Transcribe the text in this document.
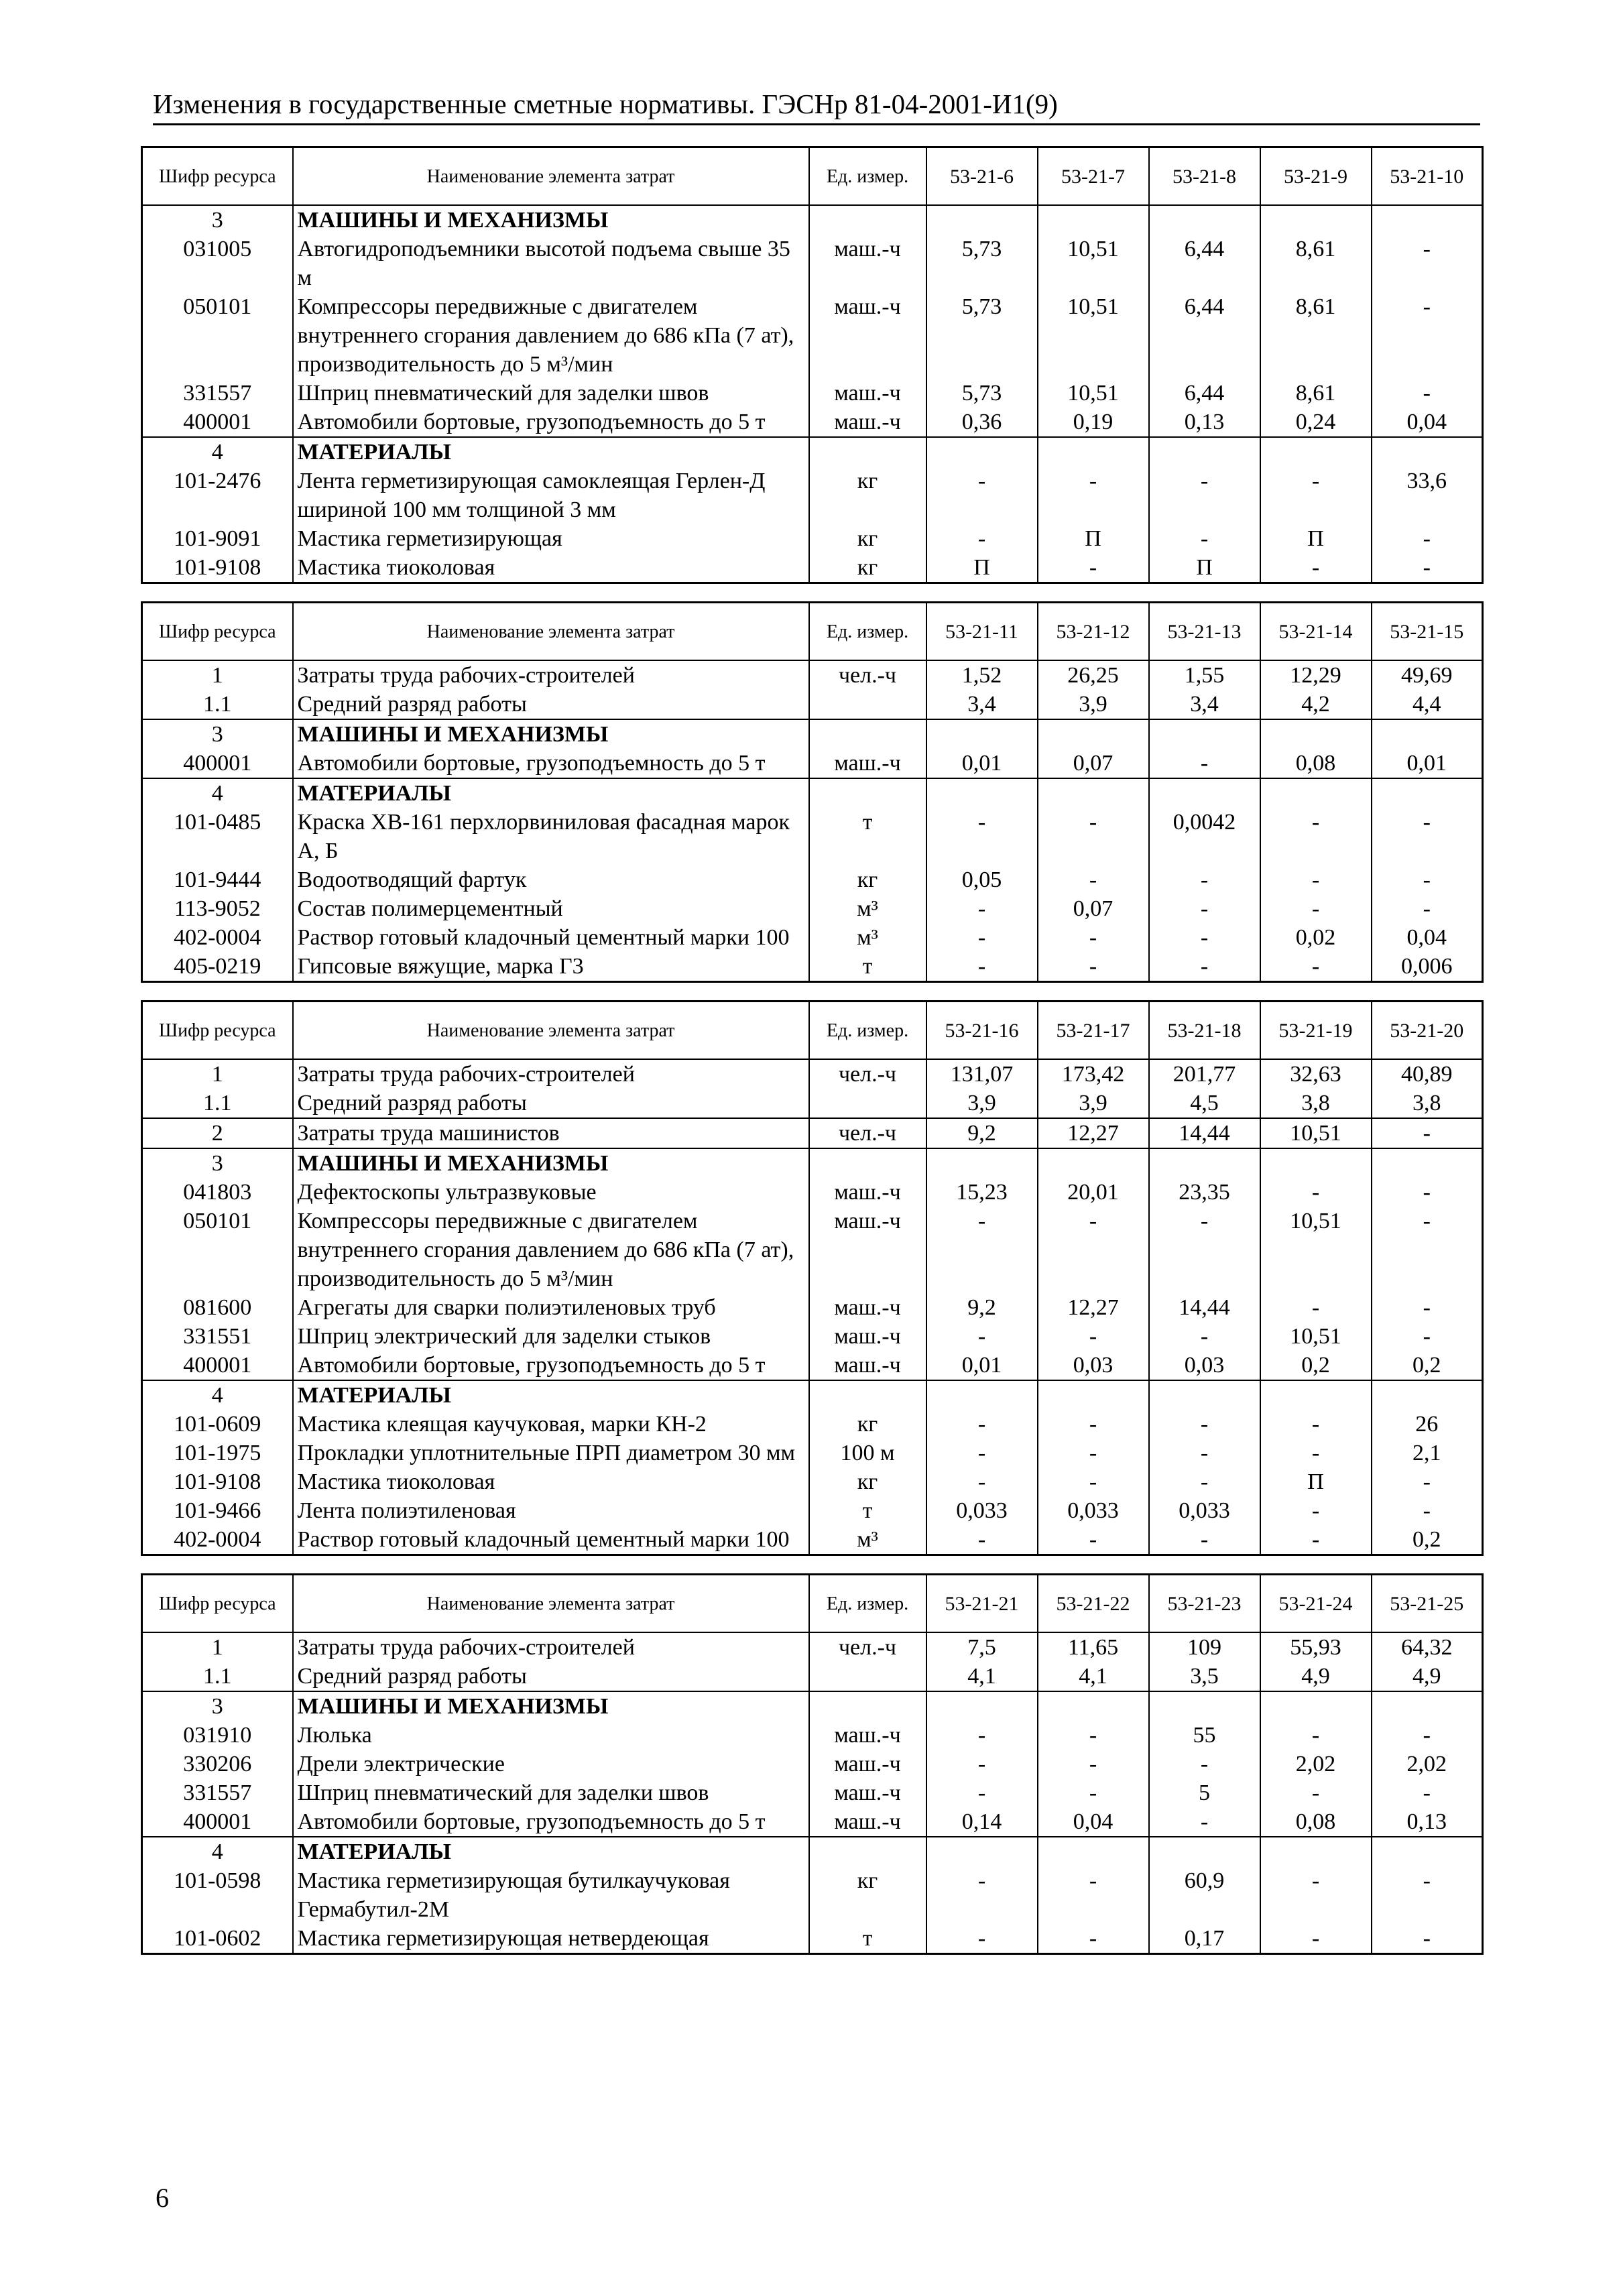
Изменения в государственные сметные нормативы. ГЭСНр 81-04-2001-И1(9)
Шифр ресурса	Наименование элемента затрат	Ед. измер.	53-21-6	53-21-7	53-21-8	53-21-9	53-21-10
3	МАШИНЫ И МЕХАНИЗМЫ						
031005	Автогидроподъемники высотой подъема свыше 35 м	маш.-ч	5,73	10,51	6,44	8,61	-
050101	Компрессоры передвижные с двигателем внутреннего сгорания давлением до 686 кПа (7 ат), производительность до 5 м³/мин	маш.-ч	5,73	10,51	6,44	8,61	-
331557	Шприц пневматический для заделки швов	маш.-ч	5,73	10,51	6,44	8,61	-
400001	Автомобили бортовые, грузоподъемность до 5 т	маш.-ч	0,36	0,19	0,13	0,24	0,04
4	МАТЕРИАЛЫ						
101-2476	Лента герметизирующая самоклеящая Герлен-Д шириной 100 мм толщиной 3 мм	кг	-	-	-	-	33,6
101-9091	Мастика герметизирующая	кг	-	П	-	П	-
101-9108	Мастика тиоколовая	кг	П	-	П	-	-
Шифр ресурса	Наименование элемента затрат	Ед. измер.	53-21-11	53-21-12	53-21-13	53-21-14	53-21-15
1	Затраты труда рабочих-строителей	чел.-ч	1,52	26,25	1,55	12,29	49,69
1.1	Средний разряд работы		3,4	3,9	3,4	4,2	4,4
3	МАШИНЫ И МЕХАНИЗМЫ						
400001	Автомобили бортовые, грузоподъемность до 5 т	маш.-ч	0,01	0,07	-	0,08	0,01
4	МАТЕРИАЛЫ						
101-0485	Краска ХВ-161 перхлорвиниловая фасадная марок А, Б	т	-	-	0,0042	-	-
101-9444	Водоотводящий фартук	кг	0,05	-	-	-	-
113-9052	Состав полимерцементный	м³	-	0,07	-	-	-
402-0004	Раствор готовый кладочный цементный марки 100	м³	-	-	-	0,02	0,04
405-0219	Гипсовые вяжущие, марка Г3	т	-	-	-	-	0,006
Шифр ресурса	Наименование элемента затрат	Ед. измер.	53-21-16	53-21-17	53-21-18	53-21-19	53-21-20
1	Затраты труда рабочих-строителей	чел.-ч	131,07	173,42	201,77	32,63	40,89
1.1	Средний разряд работы		3,9	3,9	4,5	3,8	3,8
2	Затраты труда машинистов	чел.-ч	9,2	12,27	14,44	10,51	-
3	МАШИНЫ И МЕХАНИЗМЫ						
041803	Дефектоскопы ультразвуковые	маш.-ч	15,23	20,01	23,35	-	-
050101	Компрессоры передвижные с двигателем внутреннего сгорания давлением до 686 кПа (7 ат), производительность до 5 м³/мин	маш.-ч	-	-	-	10,51	-
081600	Агрегаты для сварки полиэтиленовых труб	маш.-ч	9,2	12,27	14,44	-	-
331551	Шприц электрический для заделки стыков	маш.-ч	-	-	-	10,51	-
400001	Автомобили бортовые, грузоподъемность до 5 т	маш.-ч	0,01	0,03	0,03	0,2	0,2
4	МАТЕРИАЛЫ						
101-0609	Мастика клеящая каучуковая, марки КН-2	кг	-	-	-	-	26
101-1975	Прокладки уплотнительные ПРП диаметром 30 мм	100 м	-	-	-	-	2,1
101-9108	Мастика тиоколовая	кг	-	-	-	П	-
101-9466	Лента полиэтиленовая	т	0,033	0,033	0,033	-	-
402-0004	Раствор готовый кладочный цементный марки 100	м³	-	-	-	-	0,2
Шифр ресурса	Наименование элемента затрат	Ед. измер.	53-21-21	53-21-22	53-21-23	53-21-24	53-21-25
1	Затраты труда рабочих-строителей	чел.-ч	7,5	11,65	109	55,93	64,32
1.1	Средний разряд работы		4,1	4,1	3,5	4,9	4,9
3	МАШИНЫ И МЕХАНИЗМЫ						
031910	Люлька	маш.-ч	-	-	55	-	-
330206	Дрели электрические	маш.-ч	-	-	-	2,02	2,02
331557	Шприц пневматический для заделки швов	маш.-ч	-	-	5	-	-
400001	Автомобили бортовые, грузоподъемность до 5 т	маш.-ч	0,14	0,04	-	0,08	0,13
4	МАТЕРИАЛЫ						
101-0598	Мастика герметизирующая бутилкаучуковая Гермабутил-2М	кг	-	-	60,9	-	-
101-0602	Мастика герметизирующая нетвердеющая	т	-	-	0,17	-	-
6
